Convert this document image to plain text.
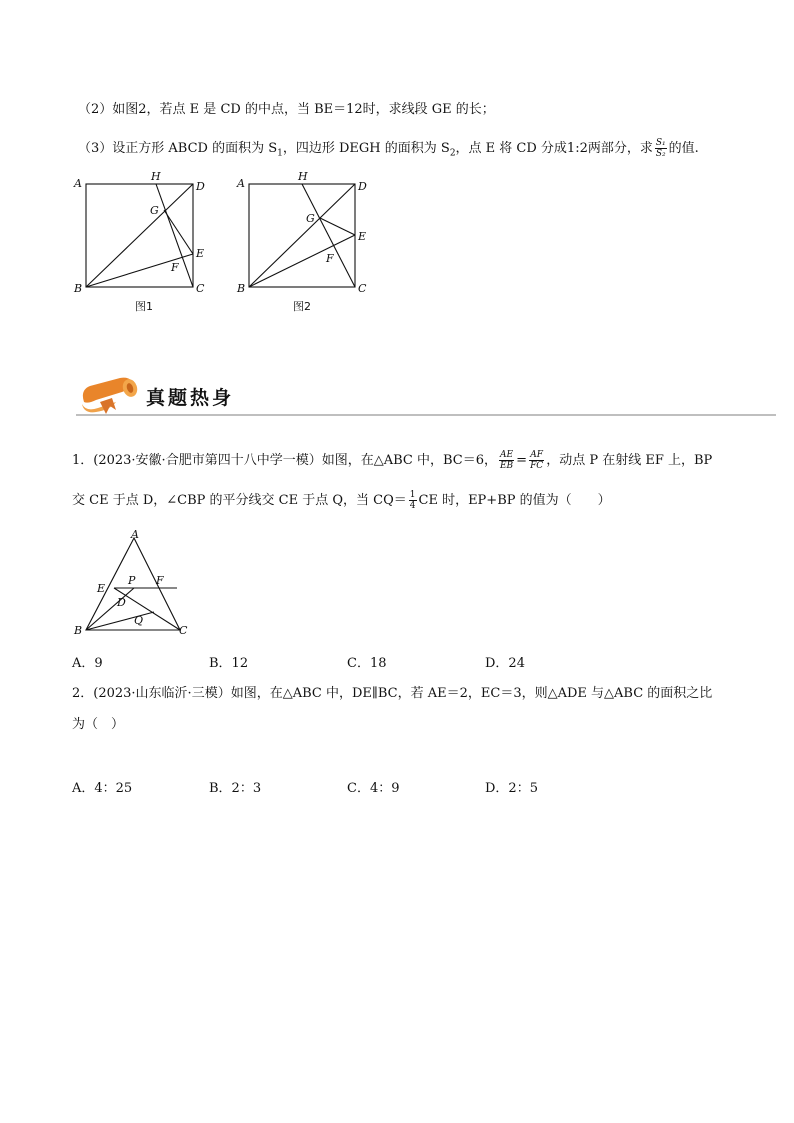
（2）如图2，若点 E 是 CD 的中点，当 BE＝12时，求线段 GE 的长；
（3）设正方形 ABCD 的面积为 $S_1$，四边形 DEGH 的面积为 $S_2$，点 E 将 CD 分成1:2两部分，求 $\frac{\text{S₁}}{\text{S₂}}$ 的值.
A
H
D
G
E
F
B	C
图1
A
H
D
G
E
F
B	C
图2
真题热身
1．(2023·安徽·合肥市第四十八中学一模）如图，在△ABC 中，BC＝6， $\frac{AE}{EB} = \frac{AF}{FC}$ ，动点 P 在射线 EF 上，BP
交 CE 于点 D，∠CBP 的平分线交 CE 于点 Q，当 $CQ= \frac{1}{4}$ CE 时，EP+BP 的值为（　　）
A
E
P F
D
Q
B	C
A．9	B．12	C．18	D．24
2．(2023·山东临沂·三模）如图，在△ABC 中，DE∥BC，若 AE＝2，EC＝3，则△ADE 与△ABC 的面积之比
为（　）
A．4：25	B．2：3	C．4：9	D．2：5
